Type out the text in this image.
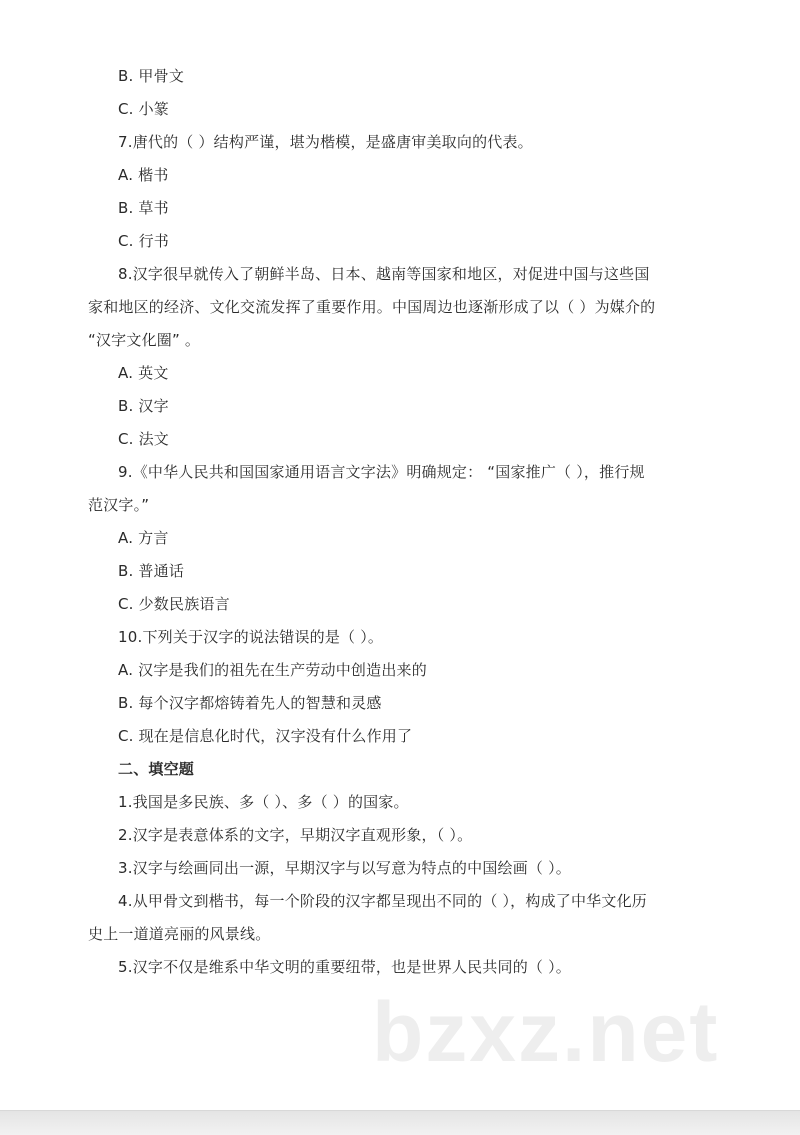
B. 甲骨文
C. 小篆
7.唐代的（ ）结构严谨，堪为楷模，是盛唐审美取向的代表。
A. 楷书
B. 草书
C. 行书
8.汉字很早就传入了朝鲜半岛、日本、越南等国家和地区，对促进中国与这些国
家和地区的经济、文化交流发挥了重要作用。中国周边也逐渐形成了以（ ）为媒介的
“汉字文化圈” 。
A. 英文
B. 汉字
C. 法文
9.《中华人民共和国国家通用语言文字法》明确规定： “国家推广（ ），推行规
范汉字。”
A. 方言
B. 普通话
C. 少数民族语言
10.下列关于汉字的说法错误的是（ ）。
A. 汉字是我们的祖先在生产劳动中创造出来的
B. 每个汉字都熔铸着先人的智慧和灵感
C. 现在是信息化时代，汉字没有什么作用了
二、填空题
1.我国是多民族、多（ ）、多（ ）的国家。
2.汉字是表意体系的文字，早期汉字直观形象，（ ）。
3.汉字与绘画同出一源，早期汉字与以写意为特点的中国绘画（ ）。
4.从甲骨文到楷书，每一个阶段的汉字都呈现出不同的（ ），构成了中华文化历
史上一道道亮丽的风景线。
5.汉字不仅是维系中华文明的重要纽带，也是世界人民共同的（ ）。
bzxz.net
